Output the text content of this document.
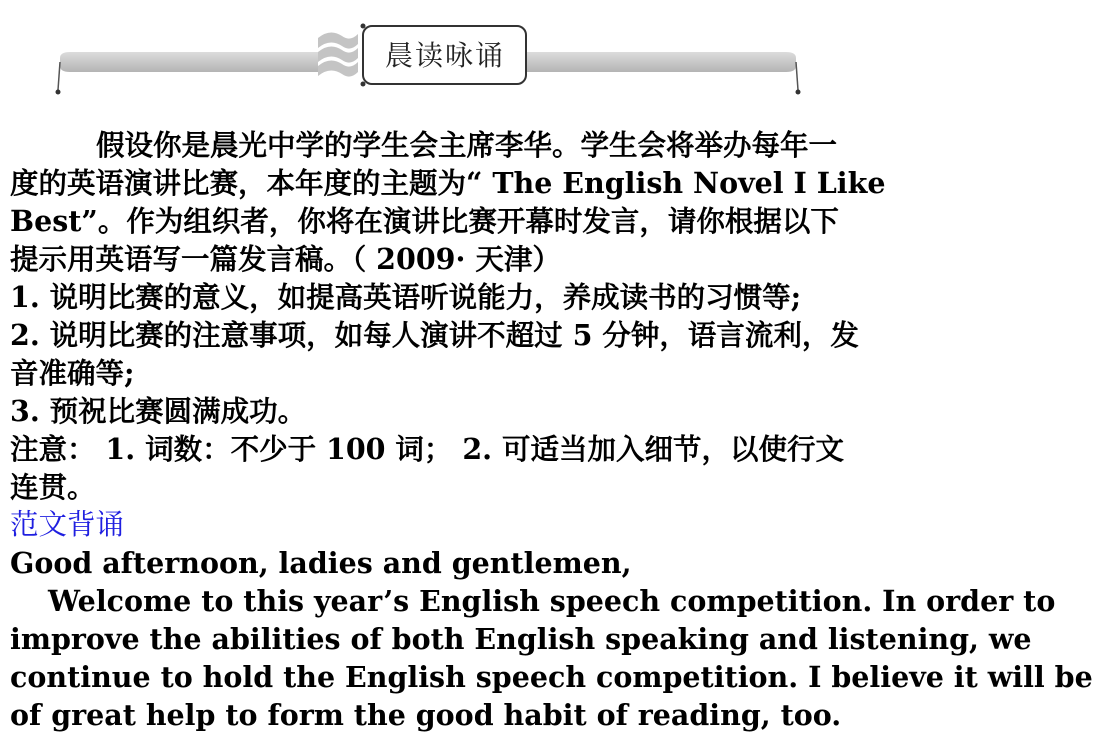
晨读咏诵

假设你是晨光中学的学生会主席李华。学生会将举办每年一

度的英语演讲比赛，本年度的主题为“ The English Novel I Like

Best”。作为组织者，你将在演讲比赛开幕时发言，请你根据以下

提示用英语写一篇发言稿。（ 2009· 天津）

1. 说明比赛的意义，如提高英语听说能力，养成读书的习惯等;

2. 说明比赛的注意事项，如每人演讲不超过 5 分钟，语言流利，发

音准确等;

3. 预祝比赛圆满成功。

注意： 1. 词数：不少于 100 词； 2. 可适当加入细节，以使行文

连贯。

范文背诵

Good afternoon, ladies and gentlemen,

Welcome to this year’s English speech competition. In order to

improve the abilities of both English speaking and listening, we

continue to hold the English speech competition. I believe it will be

of great help to form the good habit of reading, too.
